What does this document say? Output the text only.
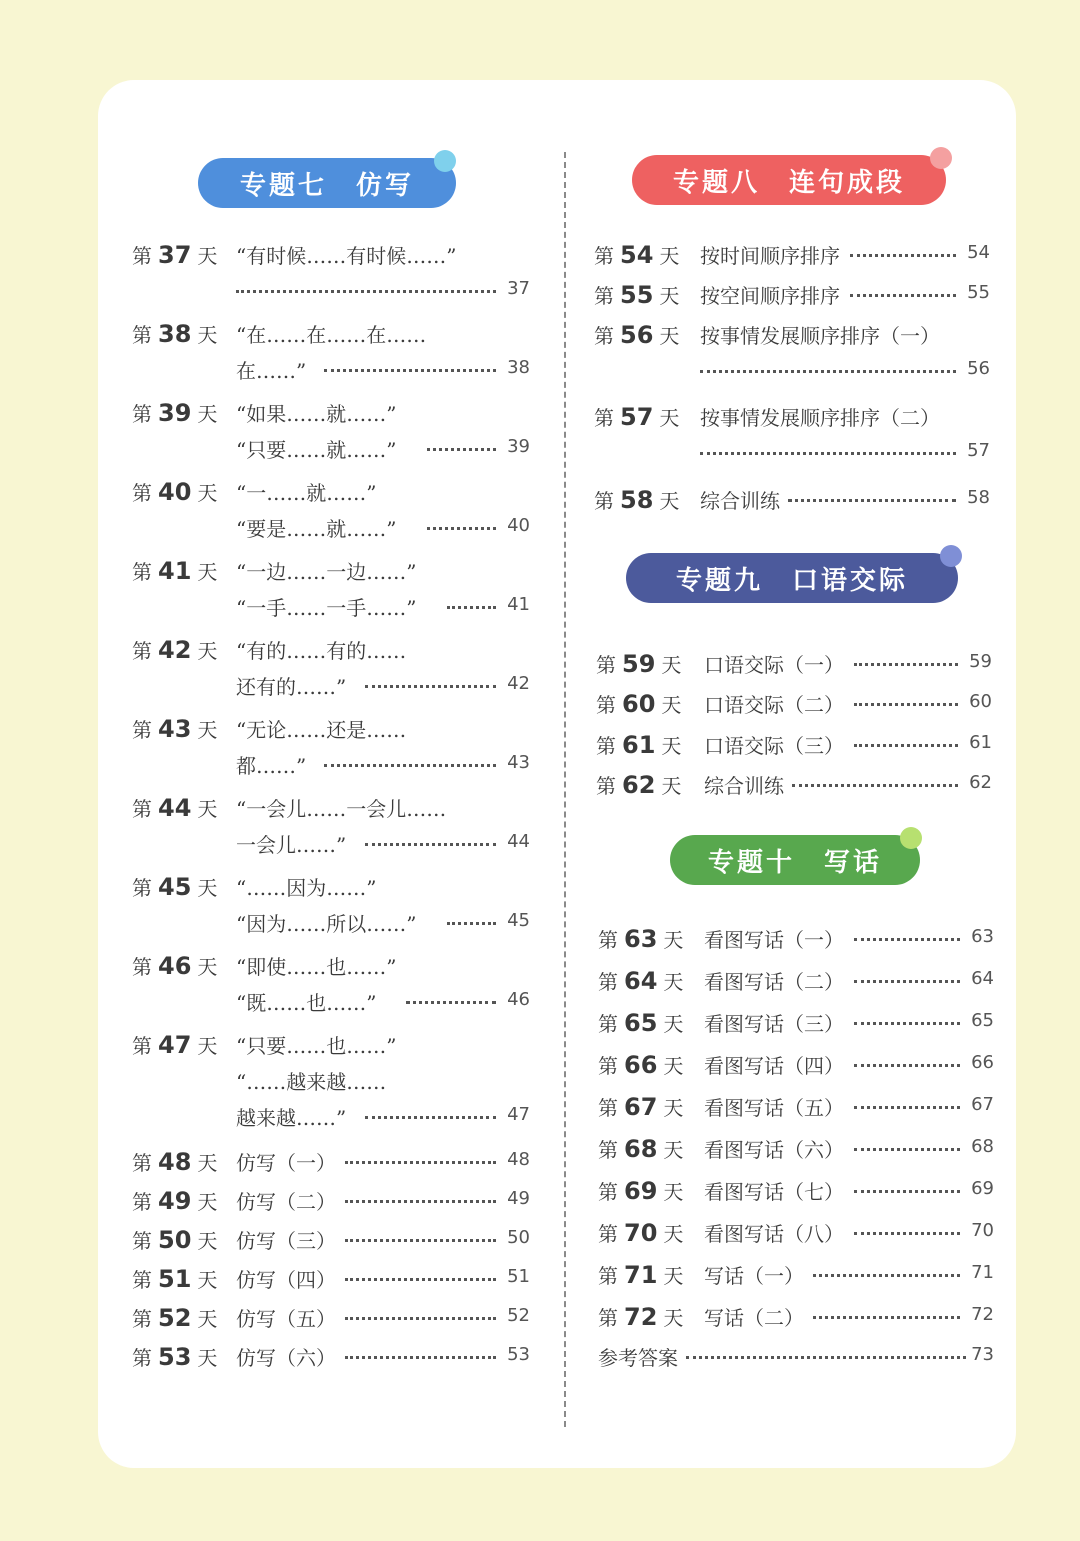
专题七　仿写	专题八　连句成段
专题九　口语交际
专题十　写话
第 37 天 “有时候……有时候……”
37
第 38 天 “在……在……在……
在……”	38
第 39 天 “如果……就……”
“只要……就……”	39
第 40 天 “一……就……”
“要是……就……”	40
第 41 天 “一边……一边……”
“一手……一手……”	41
第 42 天 “有的……有的……
还有的……”	42
第 43 天 “无论……还是……
都……”	43
第 44 天 “一会儿……一会儿……
一会儿……”	44
第 45 天 “……因为……”
“因为……所以……”	45
第 46 天 “即使……也……”
“既……也……”	46
第 47 天 “只要……也……”
“……越来越……
越来越……”	47
第 48 天 仿写（一）	48
第 49 天 仿写（二）	49
第 50 天 仿写（三）	50
第 51 天 仿写（四）	51
第 52 天 仿写（五）	52
第 53 天 仿写（六）	53
第 54 天 按时间顺序排序	54
第 55 天 按空间顺序排序	55
第 56 天 按事情发展顺序排序（一）
56
第 57 天 按事情发展顺序排序（二）
57
第 58 天 综合训练	58
第 59 天 口语交际（一）	59
第 60 天 口语交际（二）	60
第 61 天 口语交际（三）	61
第 62 天 综合训练	62
第 63 天 看图写话（一）	63
第 64 天 看图写话（二）	64
第 65 天 看图写话（三）	65
第 66 天 看图写话（四）	66
第 67 天 看图写话（五）	67
第 68 天 看图写话（六）	68
第 69 天 看图写话（七）	69
第 70 天 看图写话（八）	70
第 71 天 写话（一）	71
第 72 天 写话（二）	72
参考答案	73
